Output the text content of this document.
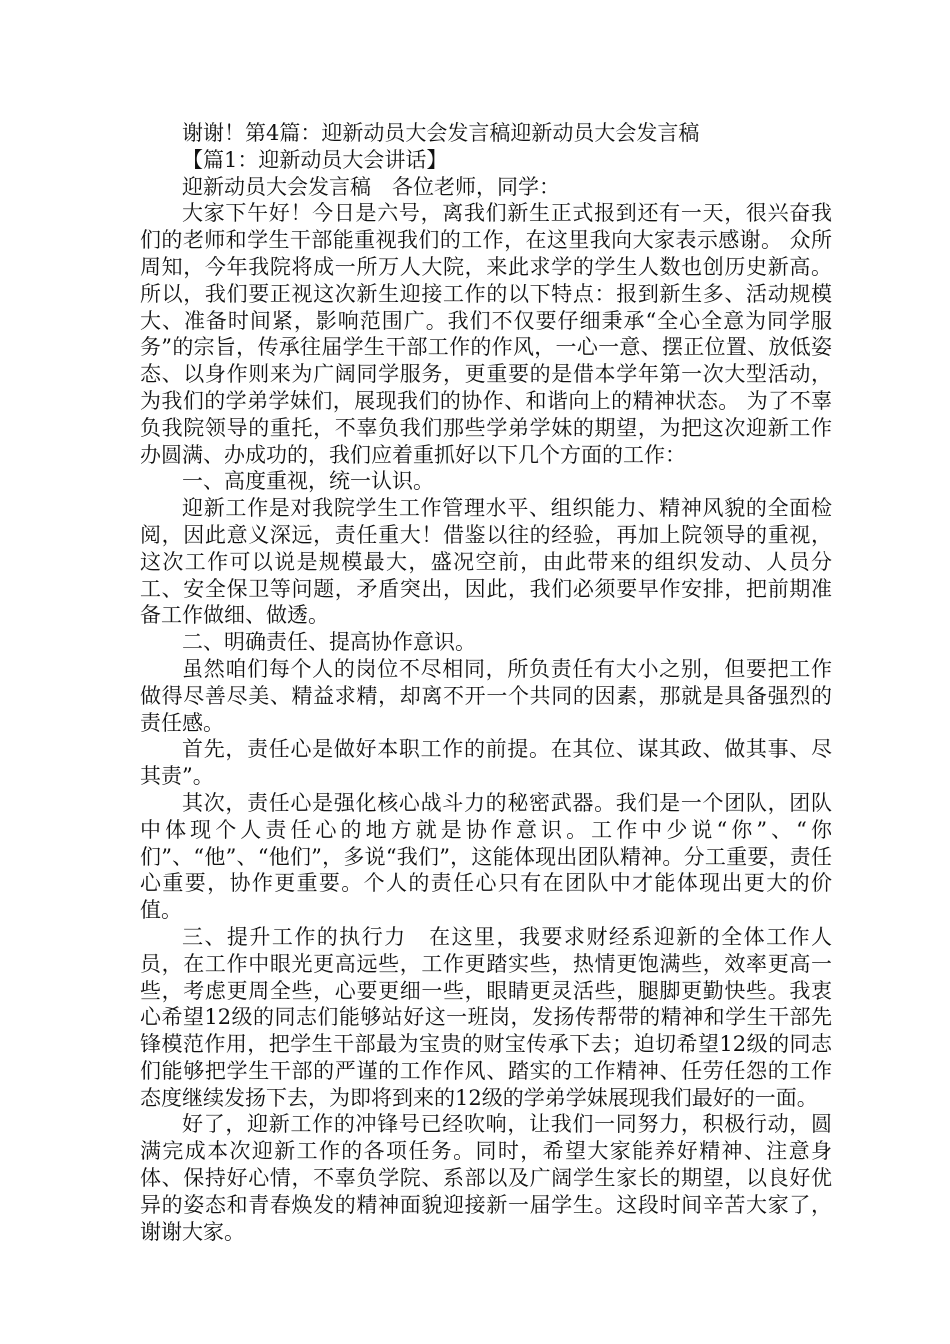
谢谢！第4篇：迎新动员大会发言稿迎新动员大会发言稿

【篇1：迎新动员大会讲话】

迎新动员大会发言稿　各位老师，同学：

大家下午好！今日是六号，离我们新生正式报到还有一天，很兴奋我们的老师和学生干部能重视我们的工作，在这里我向大家表示感谢。 众所周知，今年我院将成一所万人大院，来此求学的学生人数也创历史新高。所以，我们要正视这次新生迎接工作的以下特点：报到新生多、活动规模大、准备时间紧，影响范围广。我们不仅要仔细秉承“全心全意为同学服务”的宗旨，传承往届学生干部工作的作风，一心一意、摆正位置、放低姿态、以身作则来为广阔同学服务，更重要的是借本学年第一次大型活动，为我们的学弟学妹们，展现我们的协作、和谐向上的精神状态。 为了不辜负我院领导的重托，不辜负我们那些学弟学妹的期望，为把这次迎新工作办圆满、办成功的，我们应着重抓好以下几个方面的工作：

一、高度重视，统一认识。

迎新工作是对我院学生工作管理水平、组织能力、精神风貌的全面检阅，因此意义深远，责任重大！借鉴以往的经验，再加上院领导的重视，这次工作可以说是规模最大，盛况空前，由此带来的组织发动、人员分工、安全保卫等问题，矛盾突出，因此，我们必须要早作安排，把前期准备工作做细、做透。

二、明确责任、提高协作意识。

虽然咱们每个人的岗位不尽相同，所负责任有大小之别，但要把工作做得尽善尽美、精益求精，却离不开一个共同的因素，那就是具备强烈的责任感。

首先，责任心是做好本职工作的前提。在其位、谋其政、做其事、尽其责”。

其次，责任心是强化核心战斗力的秘密武器。我们是一个团队，团队中体现个人责任心的地方就是协作意识。工作中少说“你”、“你们”、“他”、“他们”，多说“我们”，这能体现出团队精神。分工重要，责任心重要，协作更重要。个人的责任心只有在团队中才能体现出更大的价值。

三、提升工作的执行力　在这里，我要求财经系迎新的全体工作人员，在工作中眼光更高远些，工作更踏实些，热情更饱满些，效率更高一些，考虑更周全些，心要更细一些，眼睛更灵活些，腿脚更勤快些。我衷心希望12级的同志们能够站好这一班岗，发扬传帮带的精神和学生干部先锋模范作用，把学生干部最为宝贵的财宝传承下去；迫切希望12级的同志们能够把学生干部的严谨的工作作风、踏实的工作精神、任劳任怨的工作态度继续发扬下去，为即将到来的12级的学弟学妹展现我们最好的一面。

好了，迎新工作的冲锋号已经吹响，让我们一同努力，积极行动，圆满完成本次迎新工作的各项任务。同时，希望大家能养好精神、注意身体、保持好心情，不辜负学院、系部以及广阔学生家长的期望，以良好优异的姿态和青春焕发的精神面貌迎接新一届学生。这段时间辛苦大家了，谢谢大家。
